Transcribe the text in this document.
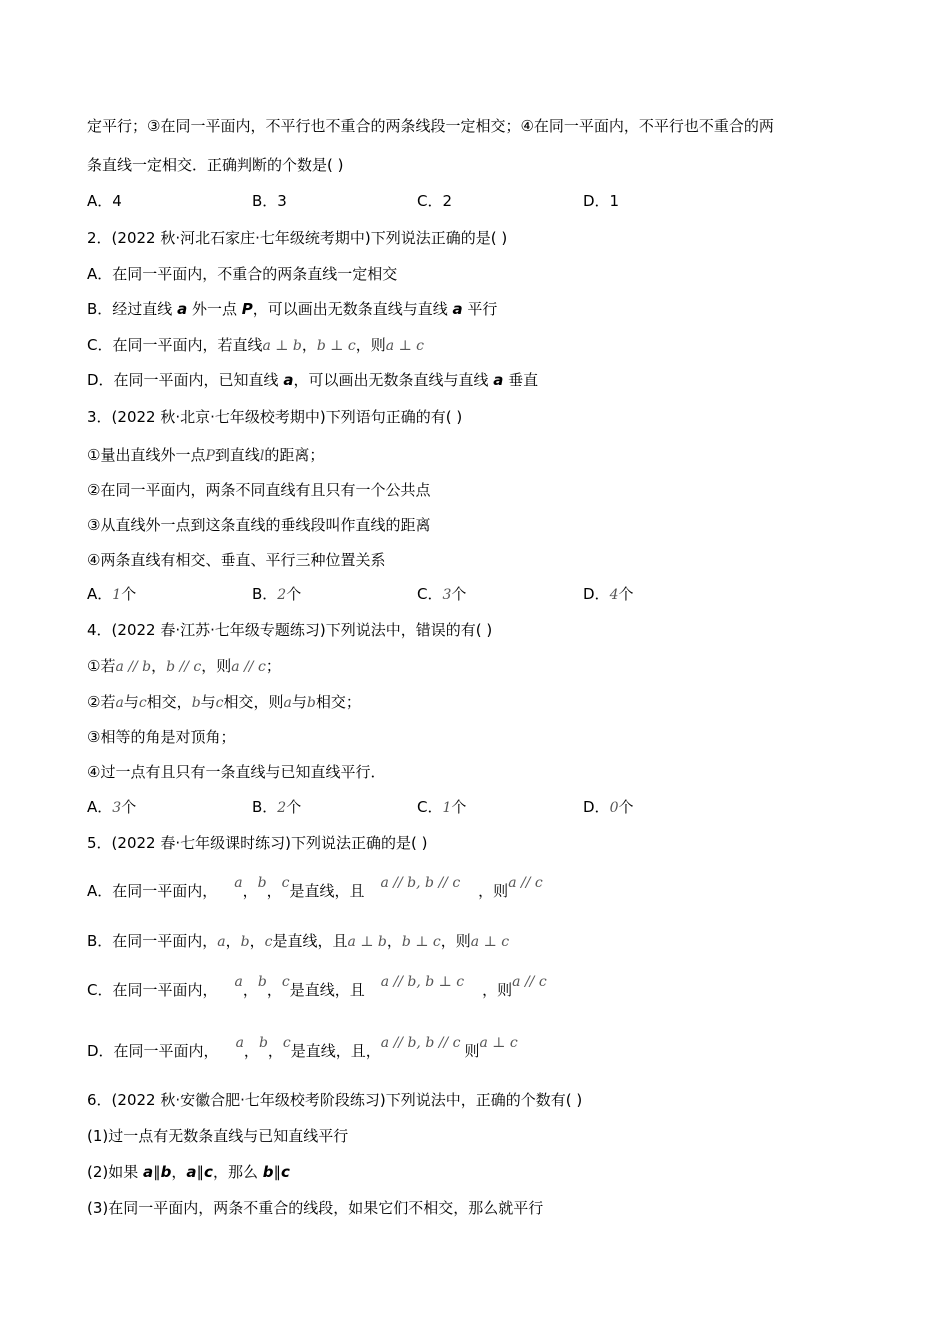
定平行；③在同一平面内，不平行也不重合的两条线段一定相交；④在同一平面内，不平行也不重合的两
条直线一定相交．正确判断的个数是( )
A．4	B．3	C．2	D．1
2．(2022 秋·河北石家庄·七年级统考期中)下列说法正确的是( )
A．在同一平面内，不重合的两条直线一定相交
B．经过直线 a 外一点 P，可以画出无数条直线与直线 a 平行
C．在同一平面内，若直线a ⊥ b，b ⊥ c，则a ⊥ c
D．在同一平面内，已知直线 a，可以画出无数条直线与直线 a 垂直
3．(2022 秋·北京·七年级校考期中)下列语句正确的有( )
①量出直线外一点P到直线l的距离；
②在同一平面内，两条不同直线有且只有一个公共点
③从直线外一点到这条直线的垂线段叫作直线的距离
④两条直线有相交、垂直、平行三种位置关系
A．1个	B．2个	C．3个	D．4个
4．(2022 春·江苏·七年级专题练习)下列说法中，错误的有( )
①若a // b，b // c，则a // c；
②若a与c相交，b与c相交，则a与b相交；
③相等的角是对顶角；
④过一点有且只有一条直线与已知直线平行．
A．3个	B．2个	C．1个	D．0个
5．(2022 春·七年级课时练习)下列说法正确的是( )
A．在同一平面内， a，b，c是直线，且 a // b, b // c ，则a // c
B．在同一平面内，a，b，c是直线，且a ⊥ b，b ⊥ c，则a ⊥ c
C．在同一平面内， a，b，c是直线，且 a // b, b ⊥ c ，则a // c
D．在同一平面内， a，b，c是直线，且，a // b, b // c 则a ⊥ c
6．(2022 秋·安徽合肥·七年级校考阶段练习)下列说法中，正确的个数有( )
(1)过一点有无数条直线与已知直线平行
(2)如果 a∥b，a∥c，那么 b∥c
(3)在同一平面内，两条不重合的线段，如果它们不相交，那么就平行
